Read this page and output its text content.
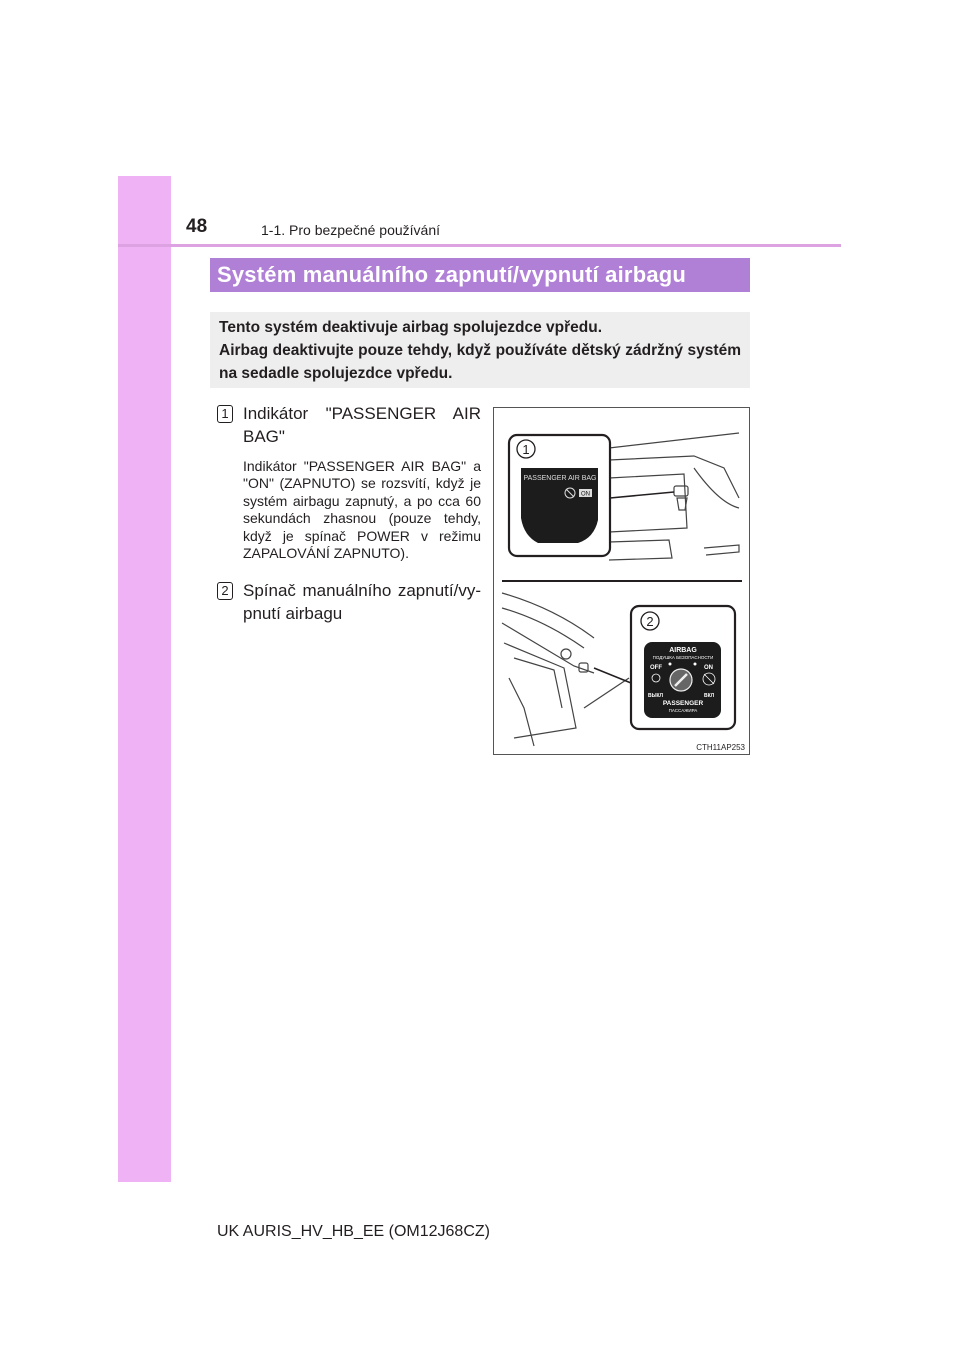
48	1-1. Pro bezpečné používání
Systém manuálního zapnutí/vypnutí airbagu

Tento systém deaktivuje airbag spolujezdce vpředu.

Airbag deaktivujte pouze tehdy, když používáte dětský zádržný systém na sedadle spolujezdce vpředu.

1 Indikátor "PASSENGER AIR BAG"
Indikátor "PASSENGER AIR BAG" a "ON" (ZAPNUTO) se rozsvítí, když je systém airbagu zapnutý, a po cca 60 sekundách zhasnou (pouze tehdy, když je spínač POWER v režimu ZAPALOVÁNÍ ZAPNUTO).
2 Spínač manuálního zapnutí/vy-pnutí airbagu
1
PASSENGER AIR BAG
ON
2
AIRBAG
ПОДУШКА БЕЗОПАСНОСТИ
OFF	ON
ВЫКЛ	ВКЛ
PASSENGER
ПАССАЖИРА
CTH11AP253
UK AURIS_HV_HB_EE (OM12J68CZ)
